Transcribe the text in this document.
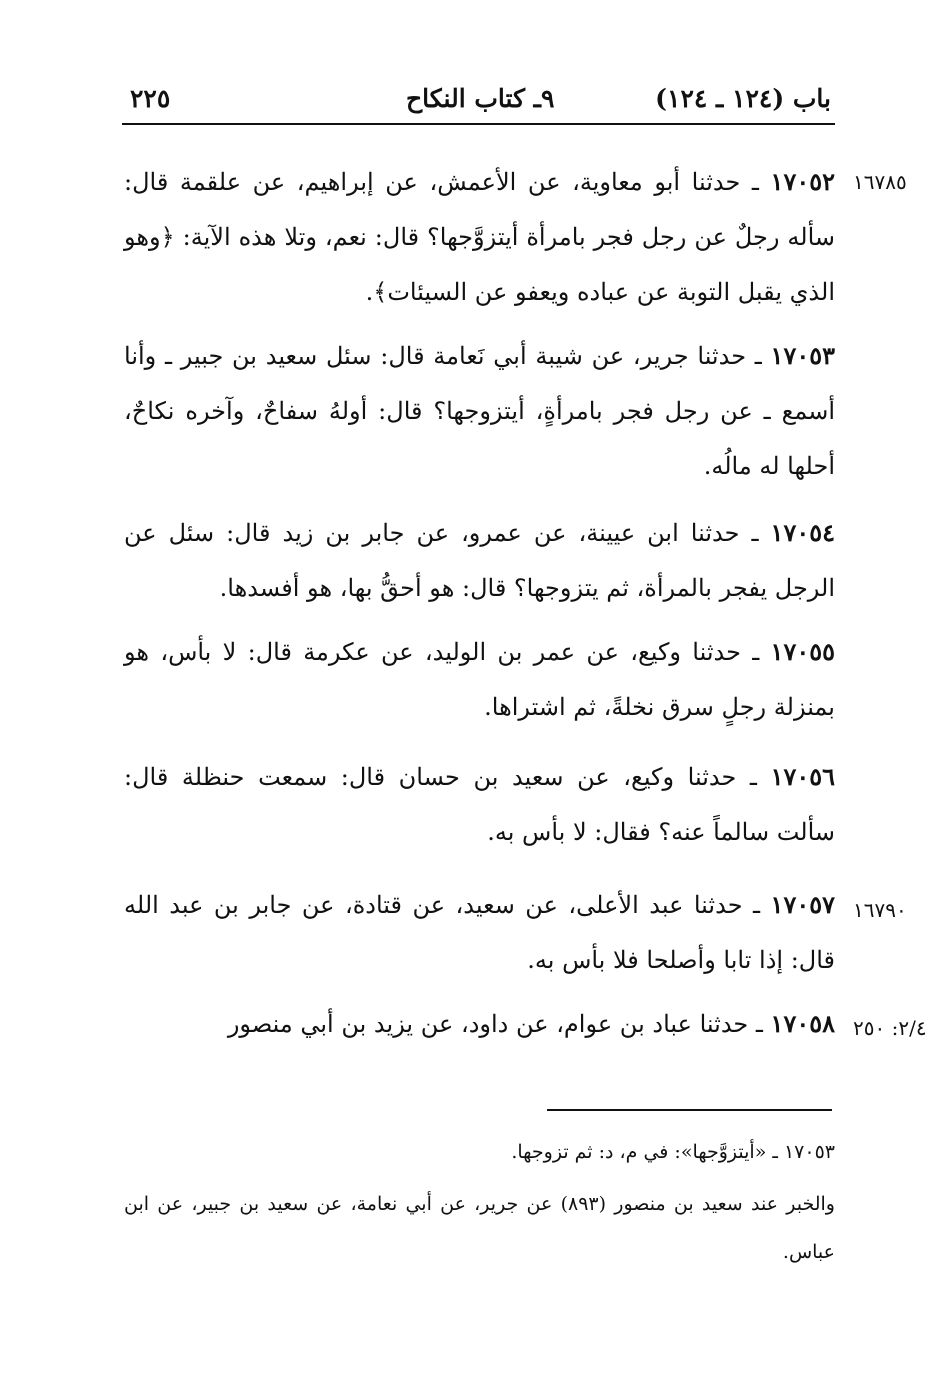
٢٢٥	٩ـ كتاب النكاح	باب (١٢٤ ـ ١٢٤)
١٦٧٨٥
١٧٠٥٢ ـ حدثنا أبو معاوية، عن الأعمش، عن إبراهيم، عن علقمة قال: سأله رجلٌ عن رجل فجر بامرأة أيتزوَّجها؟ قال: نعم، وتلا هذه الآية: ﴿وهو الذي يقبل التوبة عن عباده ويعفو عن السيئات﴾.
١٧٠٥٣ ـ حدثنا جرير، عن شيبة أبي نَعامة قال: سئل سعيد بن جبير ـ وأنا أسمع ـ عن رجل فجر بامرأةٍ، أيتزوجها؟ قال: أولهُ سفاحٌ، وآخره نكاحٌ، أحلها له مالُه.
١٧٠٥٤ ـ حدثنا ابن عيينة، عن عمرو، عن جابر بن زيد قال: سئل عن الرجل يفجر بالمرأة، ثم يتزوجها؟ قال: هو أحقُّ بها، هو أفسدها.
١٧٠٥٥ ـ حدثنا وكيع، عن عمر بن الوليد، عن عكرمة قال: لا بأس، هو بمنزلة رجلٍ سرق نخلةً، ثم اشتراها.
١٧٠٥٦ ـ حدثنا وكيع، عن سعيد بن حسان قال: سمعت حنظلة قال: سألت سالماً عنه؟ فقال: لا بأس به.
١٦٧٩٠
١٧٠٥٧ ـ حدثنا عبد الأعلى، عن سعيد، عن قتادة، عن جابر بن عبد الله قال: إذا تابا وأصلحا فلا بأس به.
٢/٤: ٢٥٠
١٧٠٥٨ ـ حدثنا عباد بن عوام، عن داود، عن يزيد بن أبي منصور
١٧٠٥٣ ـ «أيتزوَّجها»: في م، د: ثم تزوجها.
والخبر عند سعيد بن منصور (٨٩٣) عن جرير، عن أبي نعامة، عن سعيد بن جبير، عن ابن عباس.
